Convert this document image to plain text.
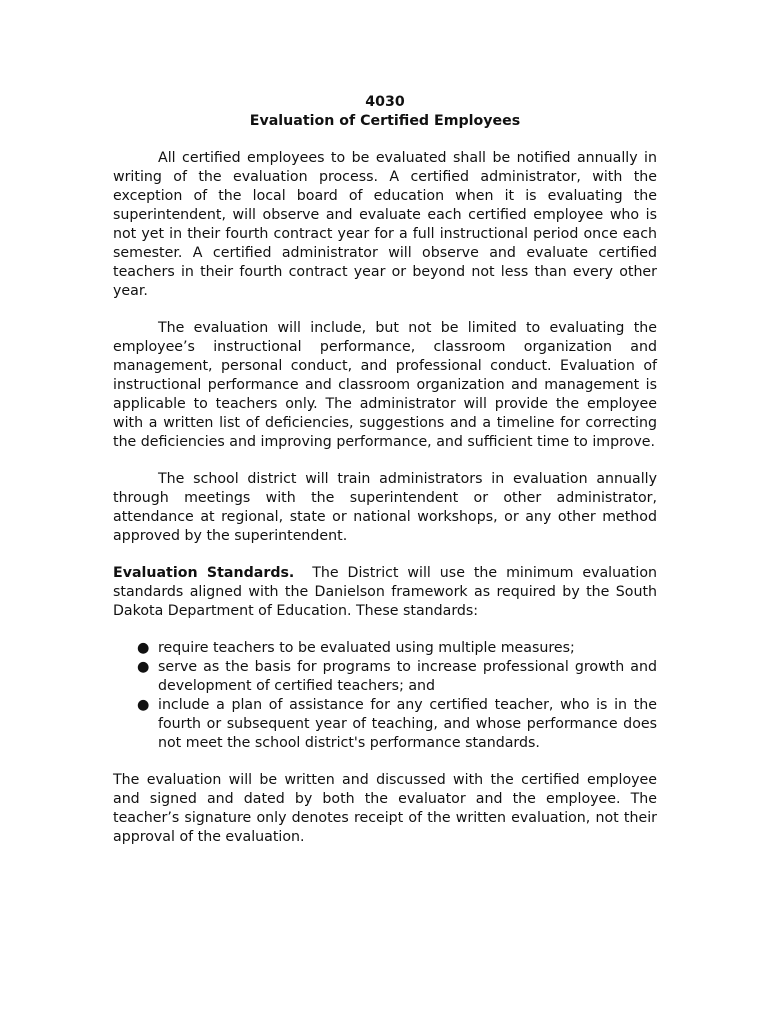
4030
Evaluation of Certified Employees

All certified employees to be evaluated shall be notified annually in writing of the evaluation process. A certified administrator, with the exception of the local board of education when it is evaluating the superintendent, will observe and evaluate each certified employee who is not yet in their fourth contract year for a full instructional period once each semester. A certified administrator will observe and evaluate certified teachers in their fourth contract year or beyond not less than every other year.

The evaluation will include, but not be limited to evaluating the employee’s instructional performance, classroom organization and management, personal conduct, and professional conduct. Evaluation of instructional performance and classroom organization and management is applicable to teachers only. The administrator will provide the employee with a written list of deficiencies, suggestions and a timeline for correcting the deficiencies and improving performance, and sufficient time to improve.

The school district will train administrators in evaluation annually through meetings with the superintendent or other administrator, attendance at regional, state or national workshops, or any other method approved by the superintendent.

Evaluation Standards. The District will use the minimum evaluation standards aligned with the Danielson framework as required by the South Dakota Department of Education. These standards:

● require teachers to be evaluated using multiple measures;
● serve as the basis for programs to increase professional growth and development of certified teachers; and
● include a plan of assistance for any certified teacher, who is in the fourth or subsequent year of teaching, and whose performance does not meet the school district's performance standards.

The evaluation will be written and discussed with the certified employee and signed and dated by both the evaluator and the employee. The teacher’s signature only denotes receipt of the written evaluation, not their approval of the evaluation.
